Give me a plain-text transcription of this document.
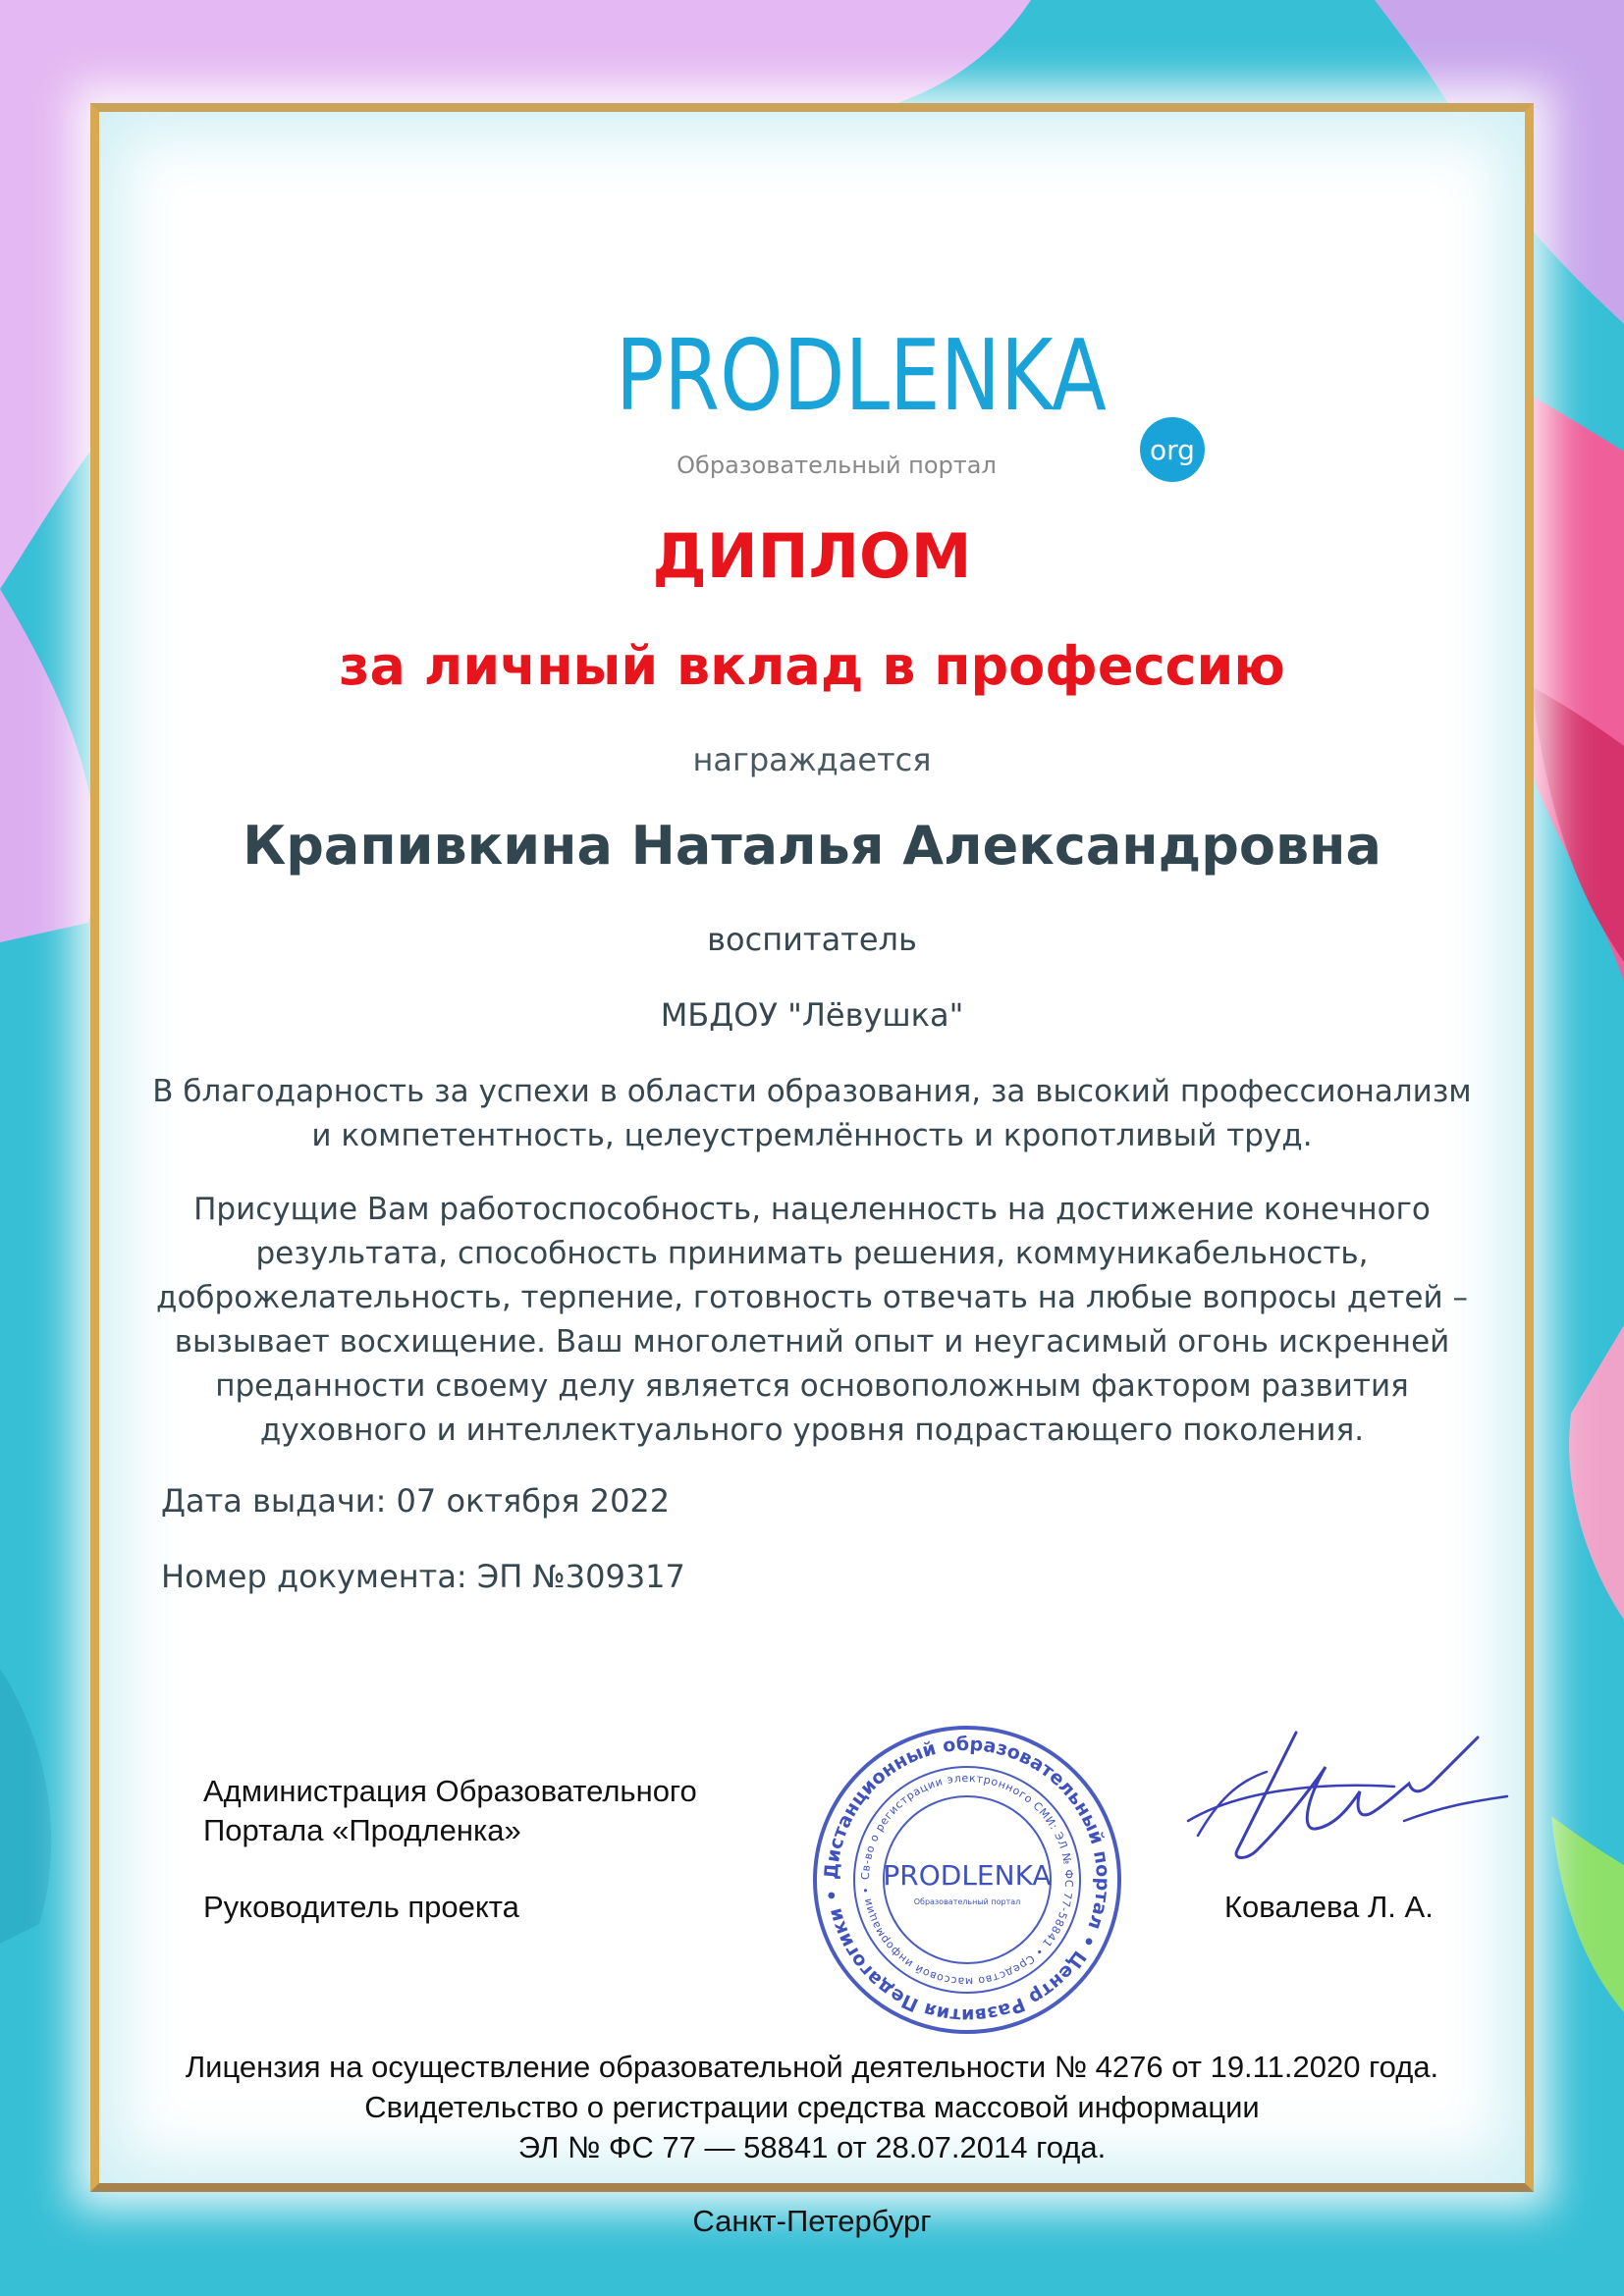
PRODLENKA
org
Образовательный портал
ДИПЛОМ
за личный вклад в профессию
награждается
Крапивкина Наталья Александровна
воспитатель
МБДОУ "Лёвушка"
В благодарность за успехи в области образования, за высокий профессионализм
и компетентность, целеустремлённость и кропотливый труд.
Присущие Вам работоспособность, нацеленность на достижение конечного
результата, способность принимать решения, коммуникабельность,
доброжелательность, терпение, готовность отвечать на любые вопросы детей –
вызывает восхищение. Ваш многолетний опыт и неугасимый огонь искренней
преданности своему делу является основоположным фактором развития
духовного и интеллектуального уровня подрастающего поколения.
Дата выдачи: 07 октября 2022
Номер документа: ЭП №309317
Администрация Образовательного
Портала «Продленка»
Руководитель проекта	Ковалева Л. А.
Дистанционный образовательный портал • Центр Развития Педагогики •
Св-во о регистрации электронного СМИ: ЭЛ № ФС 77-58841 • Средство массовой информации • PRODLENKA
Образовательный портал
Лицензия на осуществление образовательной деятельности № 4276 от 19.11.2020 года.
Свидетельство о регистрации средства массовой информации
ЭЛ № ФС 77 — 58841 от 28.07.2014 года.
Санкт-Петербург
